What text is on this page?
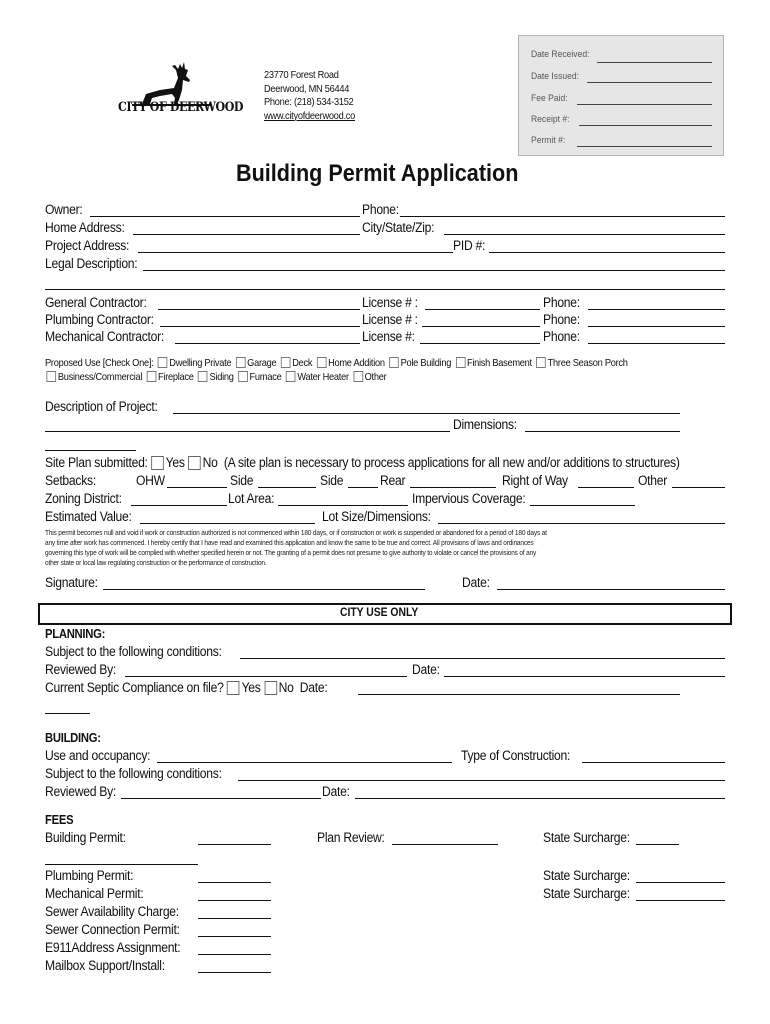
CITY OF DEERWOOD
23770 Forest Road
Deerwood, MN 56444
Phone: (218) 534-3152
www.cityofdeerwood.co
Date Received:
Date Issued:
Fee Paid:
Receipt #:
Permit #:
Building Permit Application
Owner:	Phone:
Home Address:	City/State/Zip:
Project Address:	PID #:
Legal Description:
General Contractor:	License # :	Phone:
Plumbing Contractor:	License # :	Phone:
Mechanical Contractor:	License #:	Phone:
Proposed Use [Check One]: Dwelling Private Garage Deck Home Addition Pole Building Finish Basement Three Season Porch
Business/Commercial Fireplace Siding Furnace Water Heater Other
Description of Project:
Dimensions:
Site Plan submitted: Yes No (A site plan is necessary to process applications for all new and/or additions to structures)
Setbacks:	OHW	Side	Side	Rear	Right of Way	Other
Zoning District:	Lot Area:	Impervious Coverage:
Estimated Value:	Lot Size/Dimensions:
This permit becomes null and void if work or construction authorized is not commenced within 180 days, or if construction or work is suspended or abandoned for a period of 180 days at
any time after work has commenced. I hereby certify that I have read and examined this application and know the same to be true and correct. All provisions of laws and ordinances
governing this type of work will be complied with whether specified herein or not. The granting of a permit does not presume to give authority to violate or cancel the provisions of any
other state or local law regulating construction or the performance of construction.
Signature:	Date:
CITY USE ONLY
PLANNING:
Subject to the following conditions:
Reviewed By:	Date:
Current Septic Compliance on file? Yes No Date:
BUILDING:
Use and occupancy:	Type of Construction:
Subject to the following conditions:
Reviewed By:	Date:
FEES
Building Permit:	Plan Review:	State Surcharge:
Plumbing Permit:	State Surcharge:
Mechanical Permit:	State Surcharge:
Sewer Availability Charge:
Sewer Connection Permit:
E911Address Assignment:
Mailbox Support/Install:
